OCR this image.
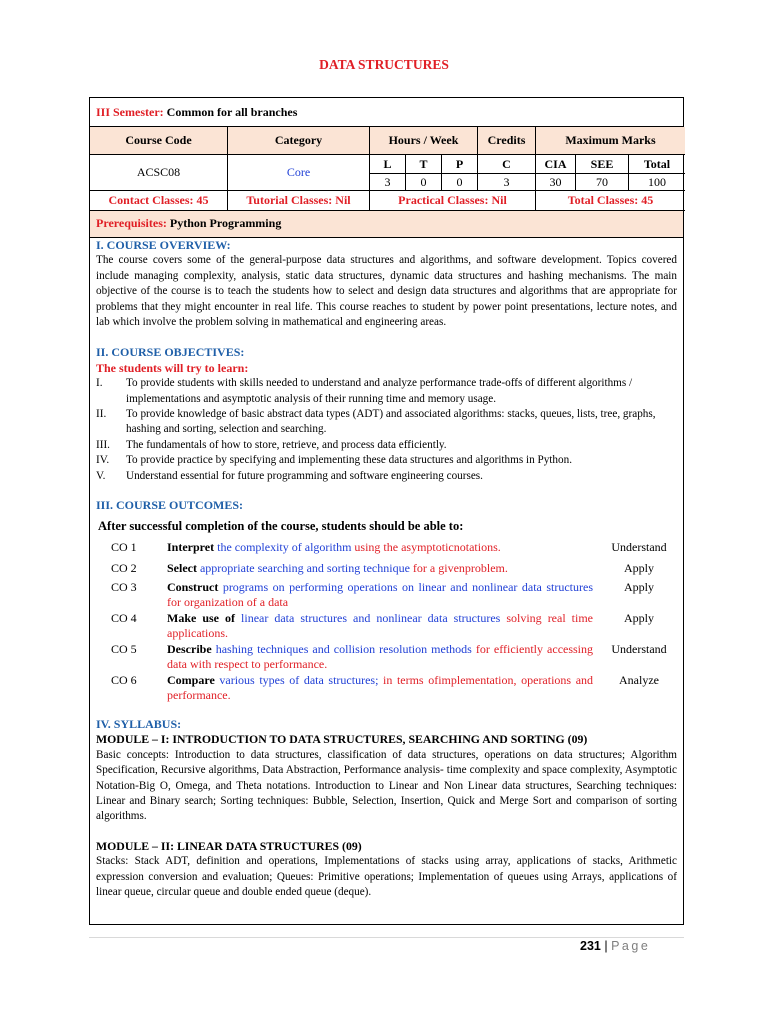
DATA STRUCTURES
III Semester: Common for all branches
Course Code	Category	Hours / Week	Credits	Maximum Marks
ACSC08	Core
L	T	P	C	CIA	SEE	Total
3	0	0	3	30	70	100
Contact Classes: 45	Tutorial Classes: Nil	Practical Classes: Nil	Total Classes: 45
Prerequisites: Python Programming
I. COURSE OVERVIEW:
The course covers some of the general-purpose data structures and algorithms, and software development. Topics covered include managing complexity, analysis, static data structures, dynamic data structures and hashing mechanisms. The main objective of the course is to teach the students how to select and design data structures and algorithms that are appropriate for problems that they might encounter in real life. This course reaches to student by power point presentations, lecture notes, and lab which involve the problem solving in mathematical and engineering areas.
II. COURSE OBJECTIVES:
The students will try to learn:
I.	To provide students with skills needed to understand and analyze performance trade-offs of different algorithms / implementations and asymptotic analysis of their running time and memory usage.
II.	To provide knowledge of basic abstract data types (ADT) and associated algorithms: stacks, queues, lists, tree, graphs, hashing and sorting, selection and searching.
III.	The fundamentals of how to store, retrieve, and process data efficiently.
IV.	To provide practice by specifying and implementing these data structures and algorithms in Python.
V.	Understand essential for future programming and software engineering courses.
III. COURSE OUTCOMES:
After successful completion of the course, students should be able to:
CO 1	Interpret the complexity of algorithm using the asymptoticnotations.	Understand
CO 2	Select appropriate searching and sorting technique for a givenproblem.	Apply
CO 3	Construct programs on performing operations on linear and nonlinear data structures for organization of a data	Apply
CO 4	Make use of linear data structures and nonlinear data structures solving real time applications.	Apply
CO 5	Describe hashing techniques and collision resolution methods for efficiently accessing data with respect to performance.	Understand
CO 6	Compare various types of data structures; in terms ofimplementation, operations and performance.	Analyze
IV. SYLLABUS:
MODULE – I: INTRODUCTION TO DATA STRUCTURES, SEARCHING AND SORTING (09)
Basic concepts: Introduction to data structures, classification of data structures, operations on data structures; Algorithm Specification, Recursive algorithms, Data Abstraction, Performance analysis- time complexity and space complexity, Asymptotic Notation-Big O, Omega, and Theta notations. Introduction to Linear and Non Linear data structures, Searching techniques: Linear and Binary search; Sorting techniques: Bubble, Selection, Insertion, Quick and Merge Sort and comparison of sorting algorithms.
MODULE – II: LINEAR DATA STRUCTURES (09)
Stacks: Stack ADT, definition and operations, Implementations of stacks using array, applications of stacks, Arithmetic expression conversion and evaluation; Queues: Primitive operations; Implementation of queues using Arrays, applications of linear queue, circular queue and double ended queue (deque).
231 | Page
